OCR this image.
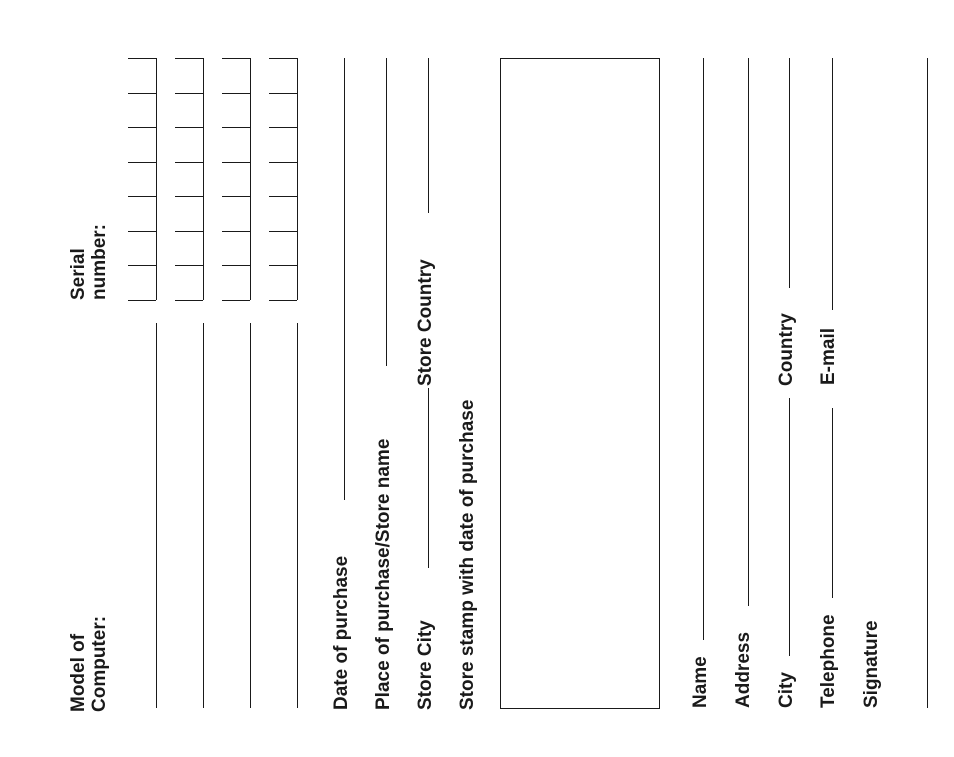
Model of Computer:
Serial number:
Date of purchase Place of purchase/Store name Store City
Store Country
Store stamp with date of purchase	Name Address City
Country
Telephone
E-mail
Signature
